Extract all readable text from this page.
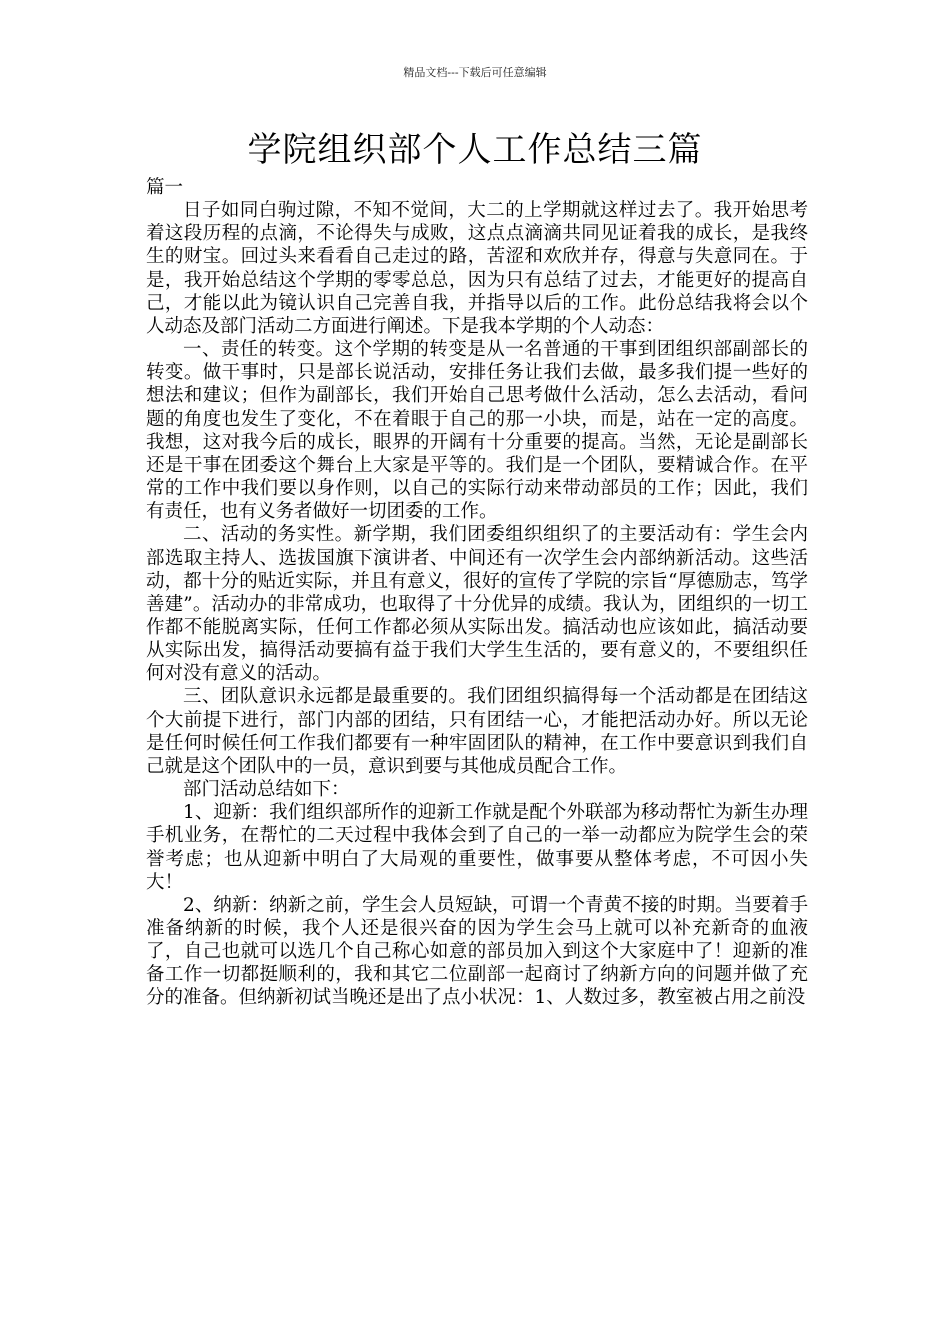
精品文档---下载后可任意编辑
学院组织部个人工作总结三篇

篇一

日子如同白驹过隙，不知不觉间，大二的上学期就这样过去了。我开始思考着这段历程的点滴，不论得失与成败，这点点滴滴共同见证着我的成长，是我终生的财宝。回过头来看看自己走过的路，苦涩和欢欣并存，得意与失意同在。于是，我开始总结这个学期的零零总总，因为只有总结了过去，才能更好的提高自己，才能以此为镜认识自己完善自我，并指导以后的工作。此份总结我将会以个人动态及部门活动二方面进行阐述。下是我本学期的个人动态：

一、责任的转变。这个学期的转变是从一名普通的干事到团组织部副部长的转变。做干事时，只是部长说活动，安排任务让我们去做，最多我们提一些好的想法和建议；但作为副部长，我们开始自己思考做什么活动，怎么去活动，看问题的角度也发生了变化，不在着眼于自己的那一小块，而是，站在一定的高度。我想，这对我今后的成长，眼界的开阔有十分重要的提高。当然，无论是副部长还是干事在团委这个舞台上大家是平等的。我们是一个团队，要精诚合作。在平常的工作中我们要以身作则，以自己的实际行动来带动部员的工作；因此，我们有责任，也有义务者做好一切团委的工作。

二、活动的务实性。新学期，我们团委组织组织了的主要活动有：学生会内部选取主持人、选拔国旗下演讲者、中间还有一次学生会内部纳新活动。这些活动，都十分的贴近实际，并且有意义，很好的宣传了学院的宗旨“厚德励志，笃学善建”。活动办的非常成功，也取得了十分优异的成绩。我认为，团组织的一切工作都不能脱离实际，任何工作都必须从实际出发。搞活动也应该如此，搞活动要从实际出发，搞得活动要搞有益于我们大学生生活的，要有意义的，不要组织任何对没有意义的活动。

三、团队意识永远都是最重要的。我们团组织搞得每一个活动都是在团结这个大前提下进行，部门内部的团结，只有团结一心，才能把活动办好。所以无论是任何时候任何工作我们都要有一种牢固团队的精神，在工作中要意识到我们自己就是这个团队中的一员，意识到要与其他成员配合工作。

部门活动总结如下：

1、迎新：我们组织部所作的迎新工作就是配个外联部为移动帮忙为新生办理手机业务，在帮忙的二天过程中我体会到了自己的一举一动都应为院学生会的荣誉考虑；也从迎新中明白了大局观的重要性，做事要从整体考虑，不可因小失大！

2、纳新：纳新之前，学生会人员短缺，可谓一个青黄不接的时期。当要着手准备纳新的时候，我个人还是很兴奋的因为学生会马上就可以补充新奇的血液了，自己也就可以选几个自己称心如意的部员加入到这个大家庭中了！迎新的准备工作一切都挺顺利的，我和其它二位副部一起商讨了纳新方向的问题并做了充分的准备。但纳新初试当晚还是出了点小状况：1、人数过多，教室被占用之前没
